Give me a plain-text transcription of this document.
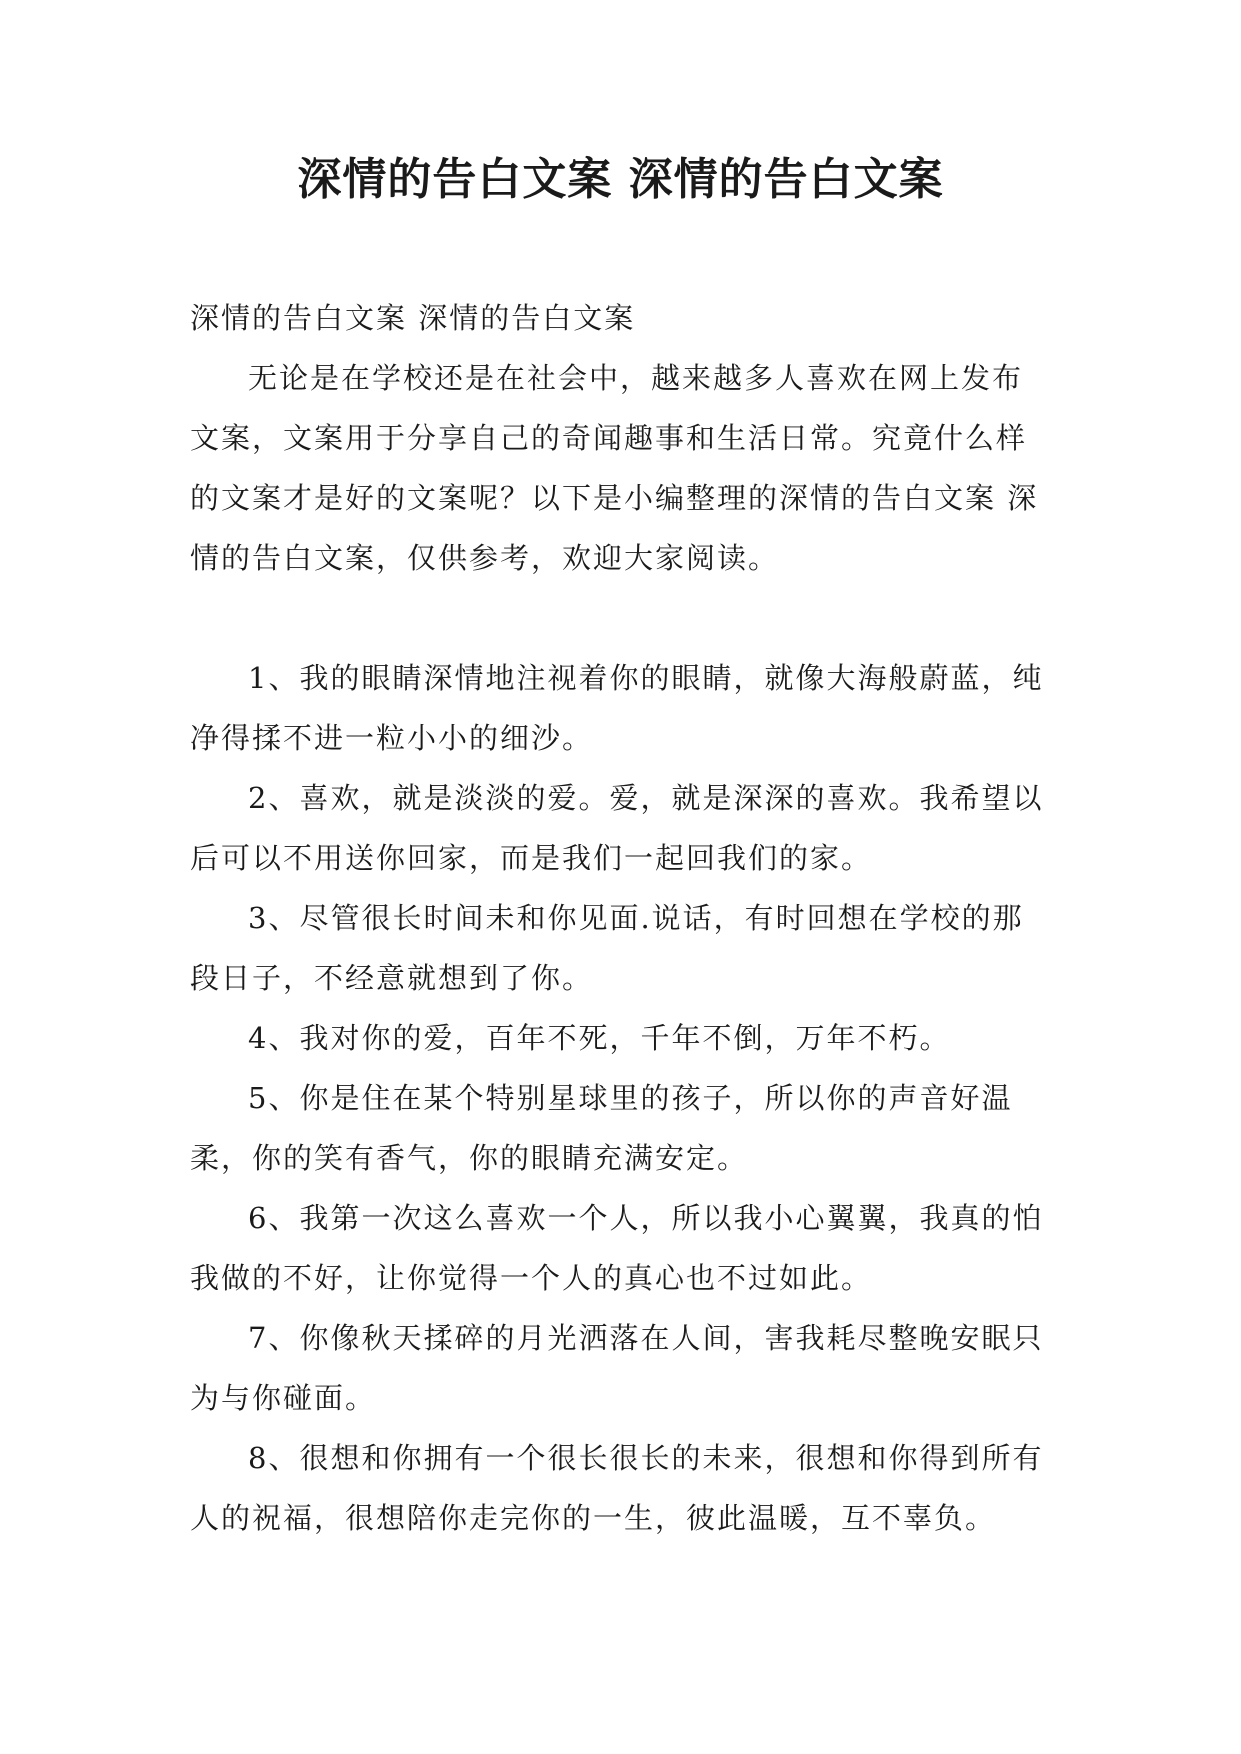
深情的告白文案 深情的告白文案

深情的告白文案 深情的告白文案

无论是在学校还是在社会中，越来越多人喜欢在网上发布文案，文案用于分享自己的奇闻趣事和生活日常。究竟什么样的文案才是好的文案呢？以下是小编整理的深情的告白文案 深情的告白文案，仅供参考，欢迎大家阅读。

1、我的眼睛深情地注视着你的眼睛，就像大海般蔚蓝，纯净得揉不进一粒小小的细沙。

2、喜欢，就是淡淡的爱。爱，就是深深的喜欢。我希望以后可以不用送你回家，而是我们一起回我们的家。

3、尽管很长时间未和你见面.说话，有时回想在学校的那段日子，不经意就想到了你。

4、我对你的爱，百年不死，千年不倒，万年不朽。

5、你是住在某个特别星球里的孩子，所以你的声音好温柔，你的笑有香气，你的眼睛充满安定。

6、我第一次这么喜欢一个人，所以我小心翼翼，我真的怕我做的不好，让你觉得一个人的真心也不过如此。

7、你像秋天揉碎的月光洒落在人间，害我耗尽整晚安眠只为与你碰面。

8、很想和你拥有一个很长很长的未来，很想和你得到所有人的祝福，很想陪你走完你的一生，彼此温暖，互不辜负。
